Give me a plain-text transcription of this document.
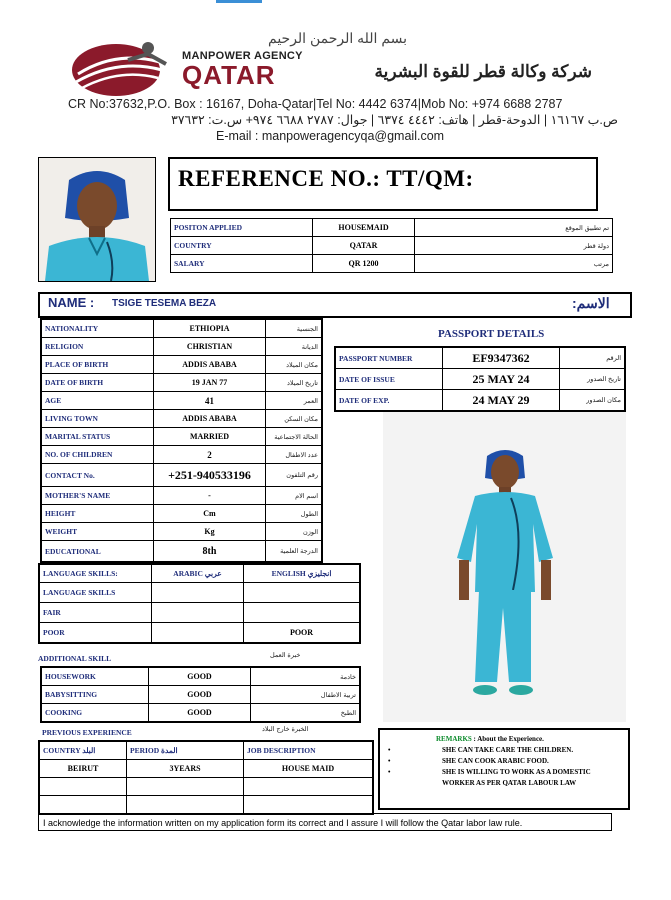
بسم الله الرحمن الرحيم
MANPOWER AGENCY
QATAR	شركة وكالة قطر للقوة البشرية
CR No:37632,P.O. Box : 16167, Doha-Qatar|Tel No: 4442 6374|Mob No: +974 6688 2787
ص.ب ١٦١٦٧ | الدوحة-قطر | هاتف: ٤٤٤٢ ٦٣٧٤ | جوال: ٢٧٨٧ ٦٦٨٨ ٩٧٤+ س.ت: ٣٧٦٣٢
E-mail : manpoweragencyqa@gmail.com
REFERENCE NO.: TT/QM:
POSITON APPLIED	HOUSEMAID	تم تطبيق الموقع
COUNTRY	QATAR	دولة قطر
SALARY	QR 1200	مرتب
NAME : TSIGE TESEMA BEZA	الاسم:
NATIONALITY	ETHIOPIA	الجنسية
RELIGION	CHRISTIAN	الديانة
PLACE OF BIRTH	ADDIS ABABA	مكان الميلاد
DATE OF BIRTH	19 JAN 77	تاريخ الميلاد
AGE	41	العمر
LIVING TOWN	ADDIS ABABA	مكان السكن
MARITAL STATUS	MARRIED	الحالة الاجتماعية
NO. OF CHILDREN	2	عدد الاطفال
CONTACT No.	+251-940533196	رقم التلفون
MOTHER'S NAME	-	اسم الام
HEIGHT	Cm	الطول
WEIGHT	Kg	الوزن
EDUCATIONAL	8th	الدرجة العلمية
PASSPORT DETAILS
PASSPORT NUMBER	EF9347362	الرقم
DATE OF ISSUE	25 MAY 24	تاريخ الصدور
DATE OF EXP.	24 MAY 29	مكان الصدور
LANGUAGE SKILLS:	ARABIC عربي	ENGLISH انجليزي
LANGUAGE SKILLS		
FAIR		
POOR		POOR
ADDITIONAL SKILL	خبرة العمل
HOUSEWORK	GOOD	خادمة
BABYSITTING	GOOD	تربية الاطفال
COOKING	GOOD	الطبخ
PREVIOUS EXPERIENCE	الخبرة خارج البلاد
COUNTRY البلد	PERIOD المدة	JOB DESCRIPTION
BEIRUT	3YEARS	HOUSE MAID

REMARKS : About the Experience.
•	SHE CAN TAKE CARE THE CHILDREN.
•	SHE CAN COOK ARABIC FOOD.
•	SHE IS WILLING TO WORK AS A DOMESTIC WORKER AS PER QATAR LABOUR LAW
I acknowledge the information written on my application form its correct and I assure I will follow the Qatar labor law rule.
